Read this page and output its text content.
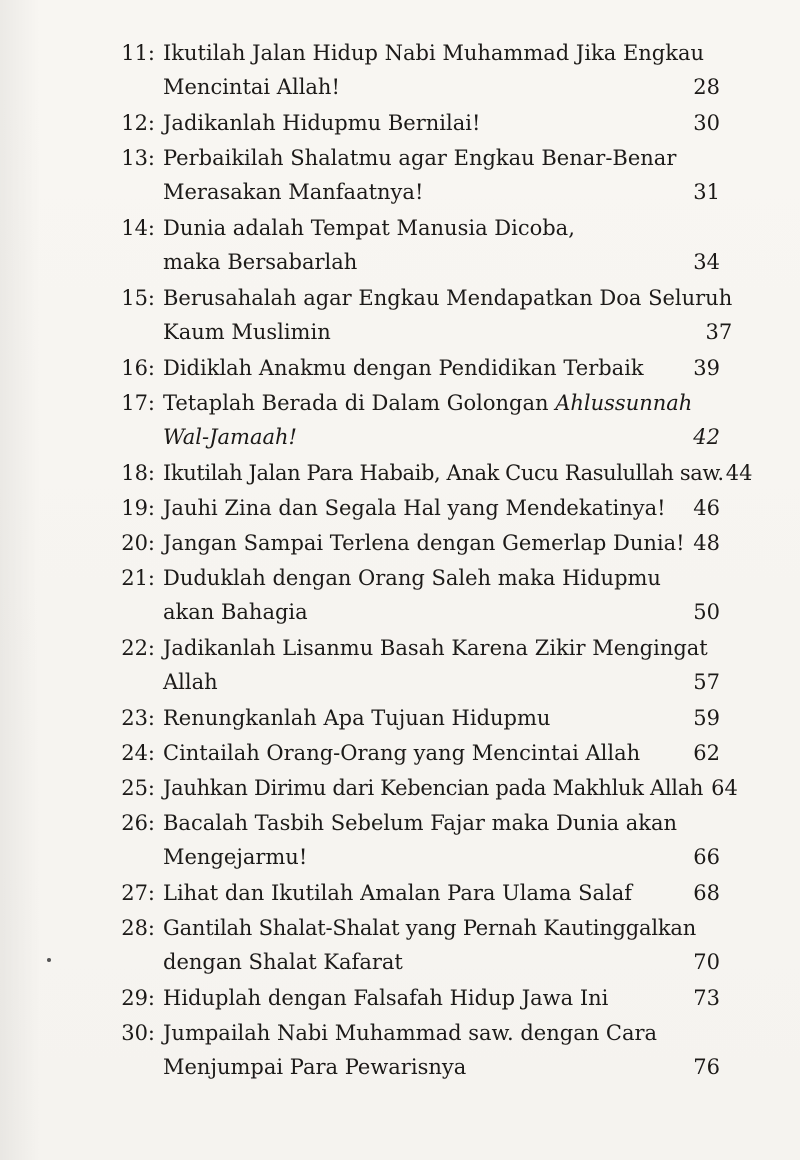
11: Ikutilah Jalan Hidup Nabi Muhammad Jika Engkau
Mencintai Allah!	28
12: Jadikanlah Hidupmu Bernilai!	30
13: Perbaikilah Shalatmu agar Engkau Benar-Benar
Merasakan Manfaatnya!	31
14: Dunia adalah Tempat Manusia Dicoba,
maka Bersabarlah	34
15: Berusahalah agar Engkau Mendapatkan Doa Seluruh
Kaum Muslimin	37
16: Didiklah Anakmu dengan Pendidikan Terbaik	39
17: Tetaplah Berada di Dalam Golongan Ahlussunnah
Wal-Jamaah!	42
18: Ikutilah Jalan Para Habaib, Anak Cucu Rasulullah saw. 44
19: Jauhi Zina dan Segala Hal yang Mendekatinya!	46
20: Jangan Sampai Terlena dengan Gemerlap Dunia! 48
21: Duduklah dengan Orang Saleh maka Hidupmu
akan Bahagia	50
22: Jadikanlah Lisanmu Basah Karena Zikir Mengingat
Allah	57
23: Renungkanlah Apa Tujuan Hidupmu	59
24: Cintailah Orang-Orang yang Mencintai Allah	62
25: Jauhkan Dirimu dari Kebencian pada Makhluk Allah 64
26: Bacalah Tasbih Sebelum Fajar maka Dunia akan
Mengejarmu!	66
27: Lihat dan Ikutilah Amalan Para Ulama Salaf	68
28: Gantilah Shalat-Shalat yang Pernah Kautinggalkan
dengan Shalat Kafarat	70
29: Hiduplah dengan Falsafah Hidup Jawa Ini	73
30: Jumpailah Nabi Muhammad saw. dengan Cara
Menjumpai Para Pewarisnya	76
